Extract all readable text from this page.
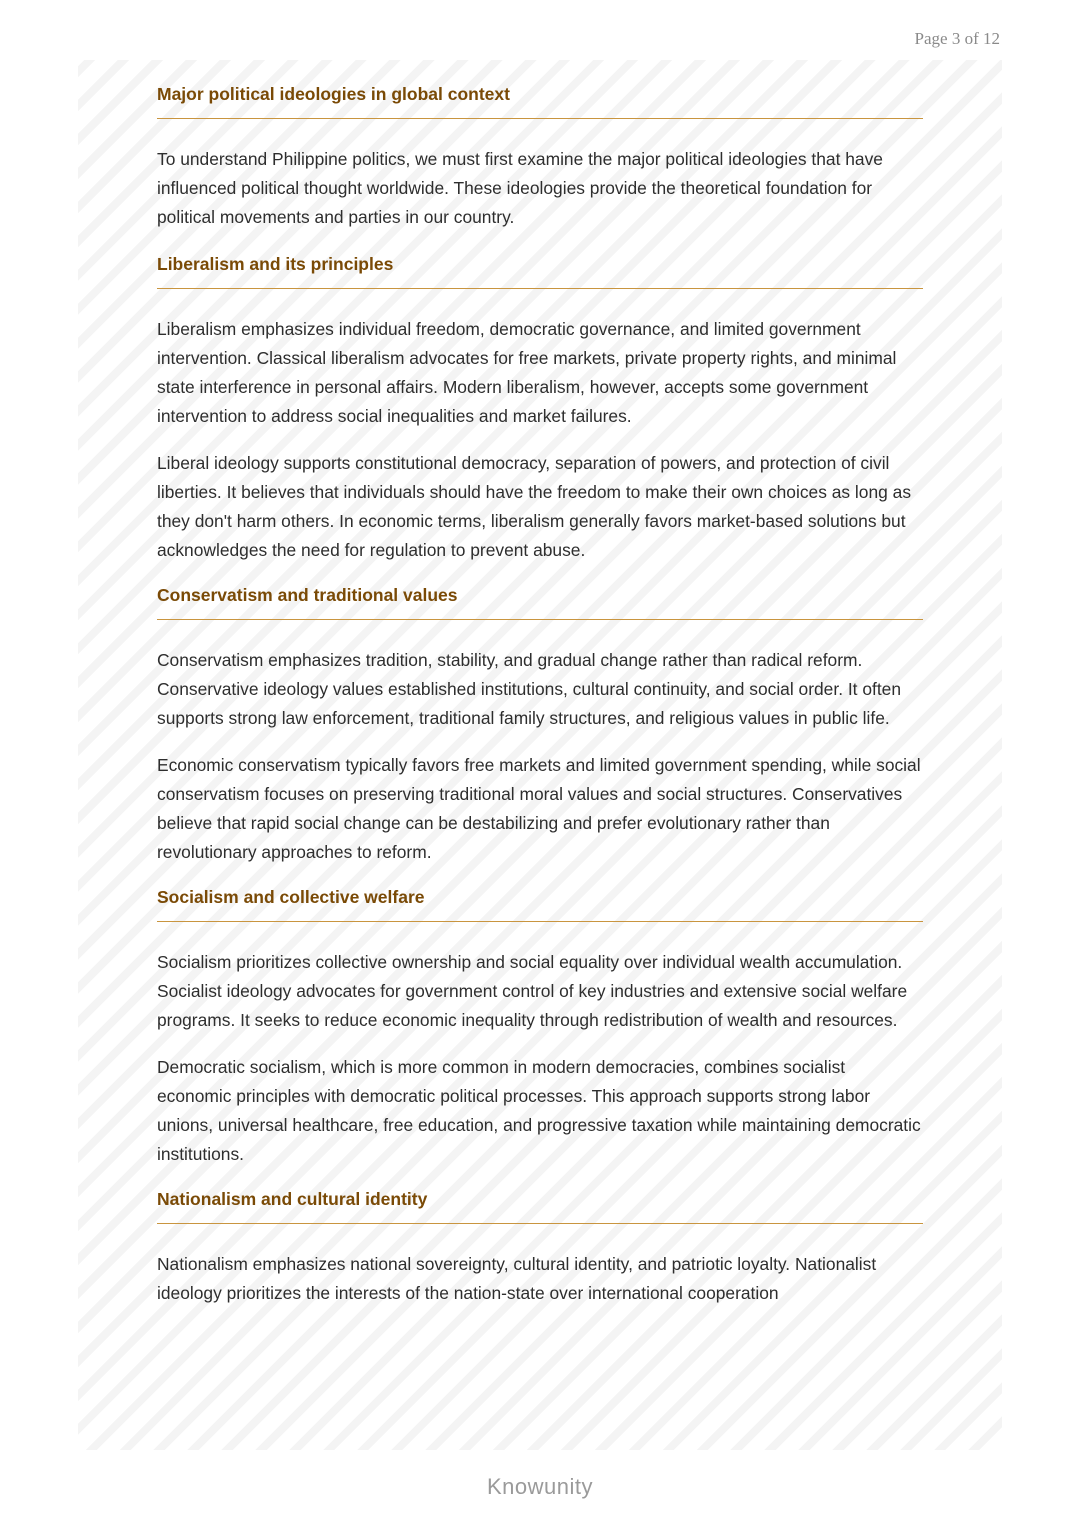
Page 3 of 12
Major political ideologies in global context

To understand Philippine politics, we must first examine the major political ideologies that have influenced political thought worldwide. These ideologies provide the theoretical foundation for political movements and parties in our country.

Liberalism and its principles

Liberalism emphasizes individual freedom, democratic governance, and limited government intervention. Classical liberalism advocates for free markets, private property rights, and minimal state interference in personal affairs. Modern liberalism, however, accepts some government intervention to address social inequalities and market failures.

Liberal ideology supports constitutional democracy, separation of powers, and protection of civil liberties. It believes that individuals should have the freedom to make their own choices as long as they don't harm others. In economic terms, liberalism generally favors market-based solutions but acknowledges the need for regulation to prevent abuse.

Conservatism and traditional values

Conservatism emphasizes tradition, stability, and gradual change rather than radical reform. Conservative ideology values established institutions, cultural continuity, and social order. It often supports strong law enforcement, traditional family structures, and religious values in public life.

Economic conservatism typically favors free markets and limited government spending, while social conservatism focuses on preserving traditional moral values and social structures. Conservatives believe that rapid social change can be destabilizing and prefer evolutionary rather than revolutionary approaches to reform.

Socialism and collective welfare

Socialism prioritizes collective ownership and social equality over individual wealth accumulation. Socialist ideology advocates for government control of key industries and extensive social welfare programs. It seeks to reduce economic inequality through redistribution of wealth and resources.

Democratic socialism, which is more common in modern democracies, combines socialist economic principles with democratic political processes. This approach supports strong labor unions, universal healthcare, free education, and progressive taxation while maintaining democratic institutions.

Nationalism and cultural identity

Nationalism emphasizes national sovereignty, cultural identity, and patriotic loyalty. Nationalist ideology prioritizes the interests of the nation-state over international cooperation

Knowunity
